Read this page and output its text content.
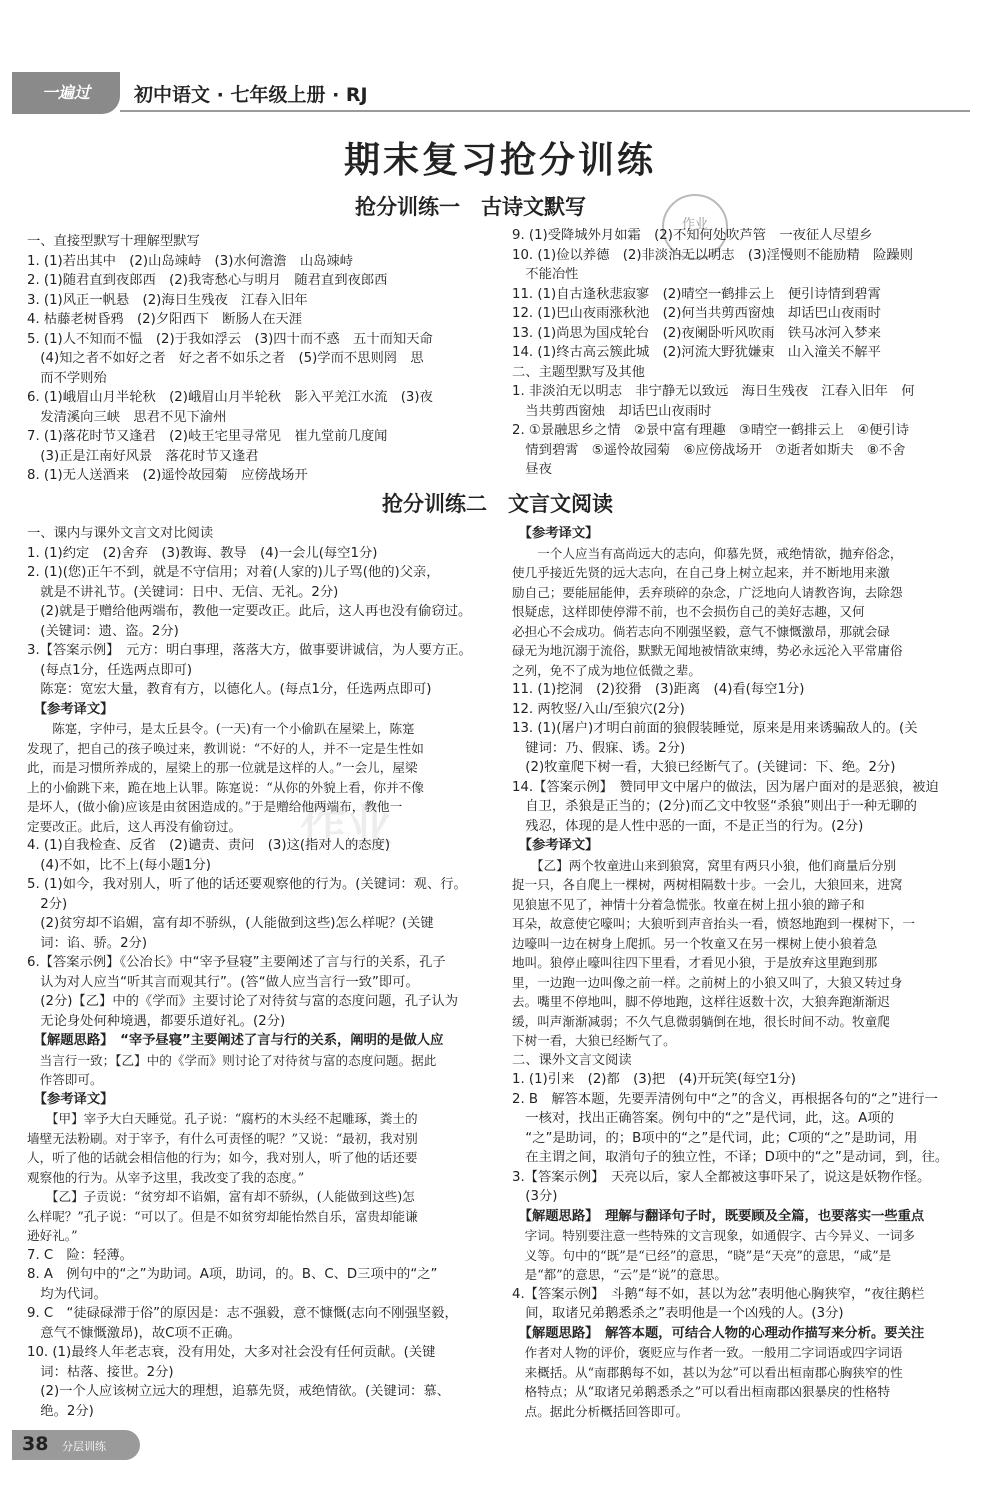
一遍过 初中语文 · 七年级上册 · RJ
期末复习抢分训练
抢分训练一　古诗文默写
作业

一、直接型默写十理解型默写

1. (1)若出其中　(2)山岛竦峙　(3)水何澹澹　山岛竦峙

2. (1)随君直到夜郎西　(2)我寄愁心与明月　随君直到夜郎西

3. (1)风正一帆悬　(2)海日生残夜　江春入旧年

4. 枯藤老树昏鸦　(2)夕阳西下　断肠人在天涯

5. (1)人不知而不愠　(2)于我如浮云　(3)四十而不惑　五十而知天命

　(4)知之者不如好之者　好之者不如乐之者　(5)学而不思则罔　思

　而不学则殆

6. (1)峨眉山月半轮秋　(2)峨眉山月半轮秋　影入平羌江水流　(3)夜

　发清溪向三峡　思君不见下渝州

7. (1)落花时节又逢君　(2)岐王宅里寻常见　崔九堂前几度闻

　(3)正是江南好风景　落花时节又逢君

8. (1)无人送酒来　(2)遥怜故园菊　应傍战场开

9. (1)受降城外月如霜　(2)不知何处吹芦管　一夜征人尽望乡

10. (1)俭以养德　(2)非淡泊无以明志　(3)淫慢则不能励精　险躁则

　不能冶性

11. (1)自古逢秋悲寂寥　(2)晴空一鹤排云上　便引诗情到碧霄

12. (1)巴山夜雨涨秋池　(2)何当共剪西窗烛　却话巴山夜雨时

13. (1)尚思为国戍轮台　(2)夜阑卧听风吹雨　铁马冰河入梦来

14. (1)终古高云簇此城　(2)河流大野犹嫌束　山入潼关不解平

二、主题型默写及其他

1. 非淡泊无以明志　非宁静无以致远　海日生残夜　江春入旧年　何

　当共剪西窗烛　却话巴山夜雨时

2. ①景融思乡之情　②景中富有理趣　③晴空一鹤排云上　④便引诗

　情到碧霄　⑤遥怜故园菊　⑥应傍战场开　⑦逝者如斯夫　⑧不舍

　昼夜

抢分训练二　文言文阅读

一、课内与课外文言文对比阅读

1. (1)约定　(2)舍弃　(3)教诲、教导　(4)一会儿(每空1分)

2. (1)(您)正午不到，就是不守信用；对着(人家的)儿子骂(他的)父亲，

　就是不讲礼节。(关键词：日中、无信、无礼。2分)

　(2)就是于赠给他两端布，教他一定要改正。此后，这人再也没有偷窃过。

　(关键词：遗、盗。2分)

3.【答案示例】　元方：明白事理，落落大方，做事要讲诚信，为人要方正。

　(每点1分，任选两点即可)

　陈寔：宽宏大量，教育有方，以德化人。(每点1分，任选两点即可)

　【参考译文】

　　陈寔，字仲弓，是太丘县令。(一天)有一个小偷趴在屋梁上，陈寔

发现了，把自己的孩子唤过来，教训说：“不好的人，并不一定是生性如

此，而是习惯所养成的，屋梁上的那一位就是这样的人。”一会儿，屋梁

上的小偷跳下来，跪在地上认罪。陈寔说：“从你的外貌上看，你并不像

是坏人，(做小偷)应该是由贫困造成的。”于是赠给他两端布，教他一

定要改正。此后，这人再没有偷窃过。

4. (1)自我检查、反省　(2)谴责、责问　(3)这(指对人的态度)

　(4)不如，比不上(每小题1分)

5. (1)如今，我对别人，听了他的话还要观察他的行为。(关键词：观、行。

　2分)

　(2)贫穷却不谄媚，富有却不骄纵，(人能做到这些)怎么样呢？(关键

　词：谄、骄。2分)

6.【答案示例】《公冶长》中“宰予昼寝”主要阐述了言与行的关系，孔子

　认为对人应当“听其言而观其行”。(答“做人应当言行一致”即可。

　(2分)【乙】中的《学而》主要讨论了对待贫与富的态度问题，孔子认为

　无论身处何种境遇，都要乐道好礼。(2分)

　【解题思路】　“宰予昼寝”主要阐述了言与行的关系，阐明的是做人应

　当言行一致；【乙】中的《学而》则讨论了对待贫与富的态度问题。据此

　作答即可。

　【参考译文】

　　【甲】宰予大白天睡觉。孔子说：“腐朽的木头经不起雕琢，粪土的

墙壁无法粉刷。对于宰予，有什么可责怪的呢？”又说：“最初，我对别

人，听了他的话就会相信他的行为；如今，我对别人，听了他的话还要

观察他的行为。从宰予这里，我改变了我的态度。”

　　【乙】子贡说：“贫穷却不谄媚，富有却不骄纵，(人能做到这些)怎

么样呢？”孔子说：“可以了。但是不如贫穷却能怡然自乐，富贵却能谦

逊好礼。”

7. C　险：轻薄。

8. A　例句中的“之”为助词。A项，助词，的。B、C、D三项中的“之”

　均为代词。

9. C　“徒碌碌滞于俗”的原因是：志不强毅，意不慷慨(志向不刚强坚毅，

　意气不慷慨激昂)，故C项不正确。

10. (1)最终人年老志衰，没有用处，大多对社会没有任何贡献。(关键

　词：枯落、接世。2分)

　(2)一个人应该树立远大的理想，追慕先贤，戒绝情欲。(关键词：慕、

　绝。2分)

　【参考译文】

　　一个人应当有高尚远大的志向，仰慕先贤，戒绝情欲，抛弃俗念，

使几乎接近先贤的远大志向，在自己身上树立起来，并不断地用来激

励自己；要能屈能伸，丢弃琐碎的杂念，广泛地向人请教咨询，去除怨

恨疑虑，这样即使停滞不前，也不会损伤自己的美好志趣，又何

必担心不会成功。倘若志向不刚强坚毅，意气不慷慨激昂，那就会碌

碌无为地沉溺于流俗，默默无闻地被情欲束缚，势必永远沦入平常庸俗

之列，免不了成为地位低微之辈。

11. (1)挖洞　(2)狡猾　(3)距离　(4)看(每空1分)

12. 两牧竖/入山/至狼穴(2分)

13. (1)(屠户)才明白前面的狼假装睡觉，原来是用来诱骗敌人的。(关

　键词：乃、假寐、诱。2分)

　(2)牧童爬下树一看，大狼已经断气了。(关键词：下、绝。2分)

14.【答案示例】　赞同甲文中屠户的做法，因为屠户面对的是恶狼，被迫

　自卫，杀狼是正当的；(2分)而乙文中牧竖“杀狼”则出于一种无聊的

　残忍，体现的是人性中恶的一面，不是正当的行为。(2分)

　【参考译文】

　　【乙】两个牧童进山来到狼窝，窝里有两只小狼，他们商量后分别

捉一只，各自爬上一棵树，两树相隔数十步。一会儿，大狼回来，进窝

见狼崽不见了，神情十分着急慌张。牧童在树上扭小狼的蹄子和

耳朵，故意使它嚎叫；大狼听到声音抬头一看，愤怒地跑到一棵树下，一

边嚎叫一边在树身上爬抓。另一个牧童又在另一棵树上使小狼着急

地叫。狼停止嚎叫往四下里看，才看见小狼，于是放弃这里跑到那

里，一边跑一边叫像之前一样。之前树上的小狼又叫了，大狼又转过身

去。嘴里不停地叫，脚不停地跑，这样往返数十次，大狼奔跑渐渐迟

缓，叫声渐渐减弱；不久气息微弱躺倒在地，很长时间不动。牧童爬

下树一看，大狼已经断气了。

二、课外文言文阅读

1. (1)引来　(2)都　(3)把　(4)开玩笑(每空1分)

2. B　解答本题，先要弄清例句中“之”的含义，再根据各句的“之”进行一

　一核对，找出正确答案。例句中的“之”是代词，此，这。A项的

　“之”是助词，的；B项中的“之”是代词，此；C项的“之”是助词，用

　在主谓之间，取消句子的独立性，不译；D项中的“之”是动词，到，往。

3.【答案示例】　天亮以后，家人全都被这事吓呆了，说这是妖物作怪。

　(3分)

　【解题思路】　理解与翻译句子时，既要顾及全篇，也要落实一些重点

　字词。特别要注意一些特殊的文言现象，如通假字、古今异义、一词多

　义等。句中的“既”是“已经”的意思，“晓”是“天亮”的意思，“咸”是

　是“都”的意思，“云”是“说”的意思。

4.【答案示例】　斗鹅“每不如，甚以为忿”表明他心胸狭窄，“夜往鹅栏

　间，取诸兄弟鹅悉杀之”表明他是一个凶残的人。(3分)

　【解题思路】　解答本题，可结合人物的心理动作描写来分析。要关注

　作者对人物的评价，褒贬应与作者一致。一般用二字词语或四字词语

　来概括。从“南郡鹅每不如，甚以为忿”可以看出桓南郡心胸狭窄的性

　格特点；从“取诸兄弟鹅悉杀之”可以看出桓南郡凶狠暴戾的性格特

　点。据此分析概括回答即可。

作业
38 分层训练
